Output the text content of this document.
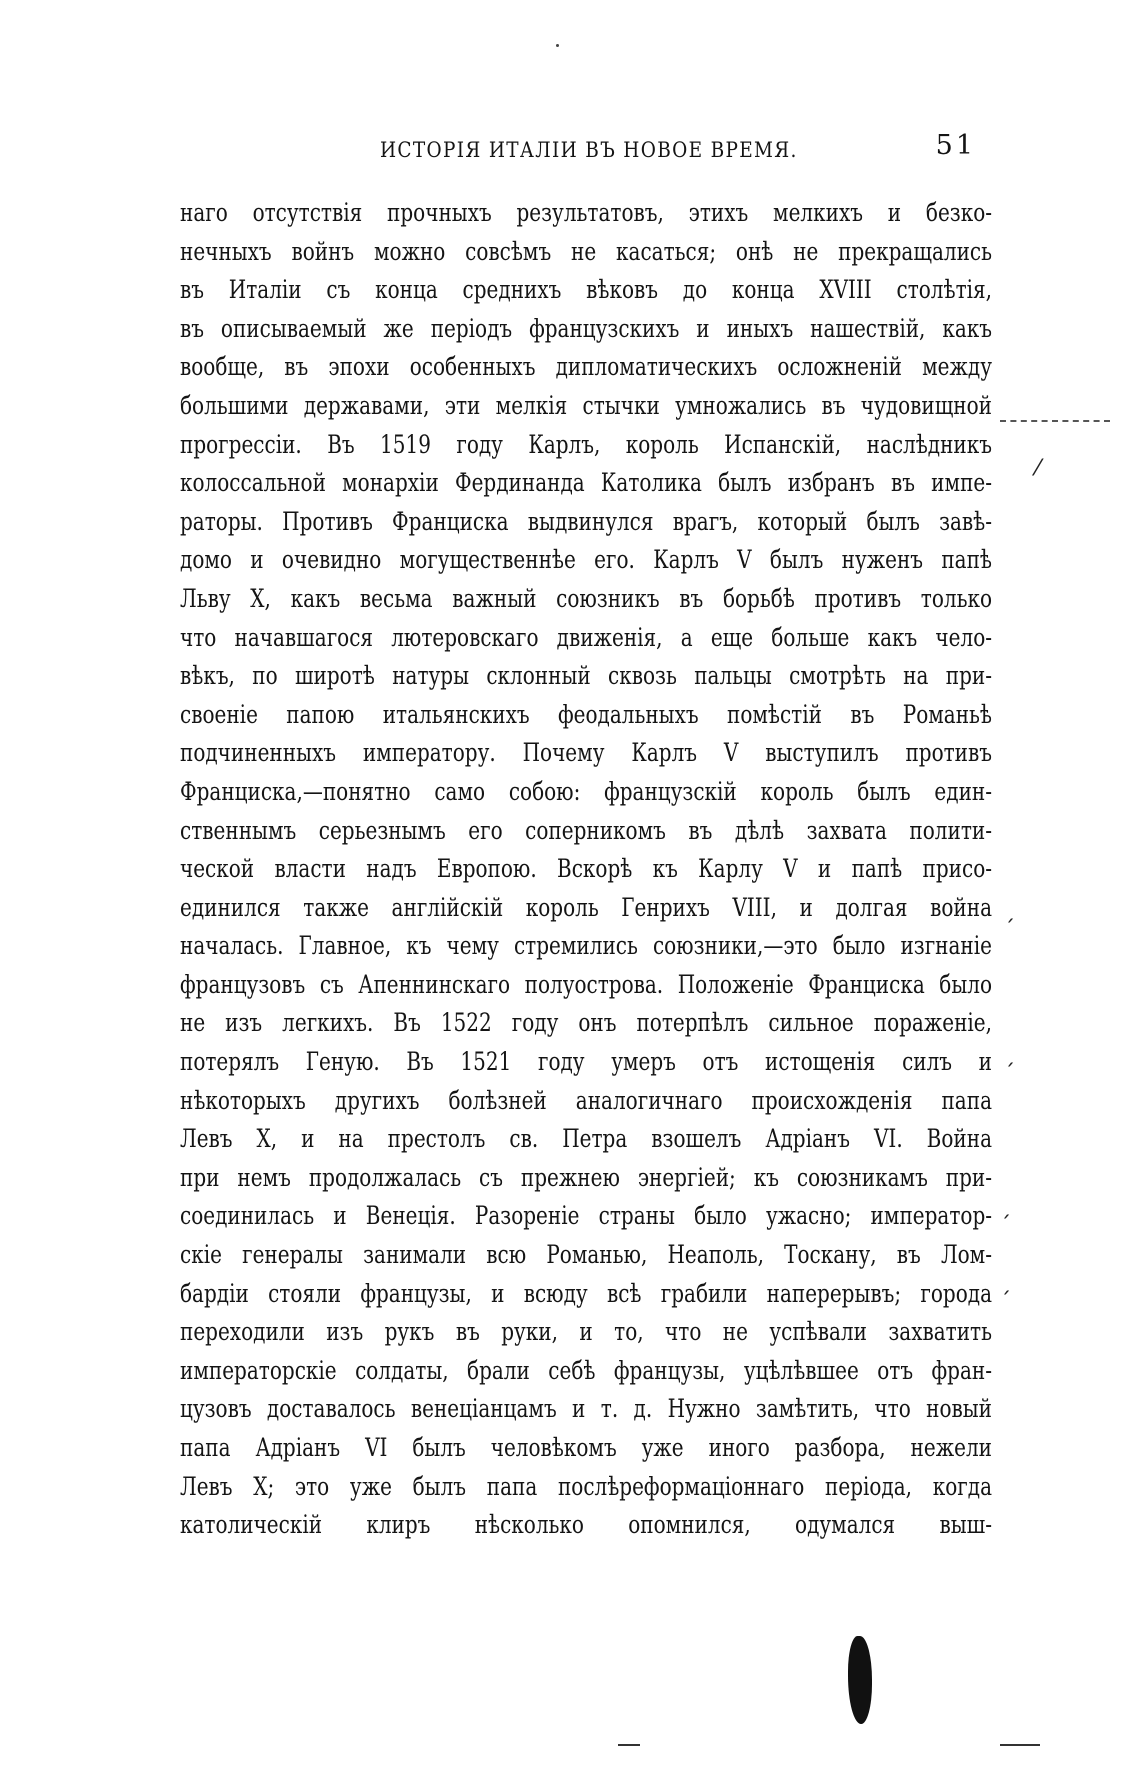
ИСТОРІЯ ИТАЛІИ ВЪ НОВОЕ ВРЕМЯ.	51
наго отсутствія прочныхъ результатовъ, этихъ мелкихъ и безко-
нечныхъ войнъ можно совсѣмъ не касаться; онѣ не прекращались
въ Италіи съ конца среднихъ вѣковъ до конца XVIII столѣтія,
въ описываемый же періодъ французскихъ и иныхъ нашествій, какъ
вообще, въ эпохи особенныхъ дипломатическихъ осложненій между
большими державами, эти мелкія стычки умножались въ чудовищной
прогрессіи. Въ 1519 году Карлъ, король Испанскій, наслѣдникъ
колоссальной монархіи Фердинанда Католика былъ избранъ въ импе-
раторы. Противъ Франциска выдвинулся врагъ, который былъ завѣ-
домо и очевидно могущественнѣе его. Карлъ V былъ нуженъ папѣ
Льву X, какъ весьма важный союзникъ въ борьбѣ противъ только
что начавшагося лютеровскаго движенія, а еще больше какъ чело-
вѣкъ, по широтѣ натуры склонный сквозь пальцы смотрѣть на при-
своеніе папою итальянскихъ феодальныхъ помѣстій въ Романьѣ
подчиненныхъ императору. Почему Карлъ V выступилъ противъ
Франциска,—понятно само собою: французскій король былъ един-
ственнымъ серьезнымъ его соперникомъ въ дѣлѣ захвата полити-
ческой власти надъ Европою. Вскорѣ къ Карлу V и папѣ присо-
единился также англійскій король Генрихъ VIII, и долгая война
началась. Главное, къ чему стремились союзники,—это было изгнаніе
французовъ съ Апеннинскаго полуострова. Положеніе Франциска было
не изъ легкихъ. Въ 1522 году онъ потерпѣлъ сильное пораженіе,
потерялъ Геную. Въ 1521 году умеръ отъ истощенія силъ и
нѣкоторыхъ другихъ болѣзней аналогичнаго происхожденія папа
Левъ X, и на престолъ св. Петра взошелъ Адріанъ VI. Война
при немъ продолжалась съ прежнею энергіей; къ союзникамъ при-
соединилась и Венеція. Разореніе страны было ужасно; император-
скіе генералы занимали всю Романью, Неаполь, Тоскану, въ Лом-
бардіи стояли французы, и всюду всѣ грабили наперерывъ; города
переходили изъ рукъ въ руки, и то, что не успѣвали захватить
императорскіе солдаты, брали себѣ французы, уцѣлѣвшее отъ фран-
цузовъ доставалось венеціанцамъ и т. д. Нужно замѣтить, что новый
папа Адріанъ VI былъ человѣкомъ уже иного разбора, нежели
Левъ X; это уже былъ папа послѣреформаціоннаго періода, когда
католическій клиръ нѣсколько опомнился, одумался выш-
⁄
ˏ
ˏ
ˏ
ˏ
